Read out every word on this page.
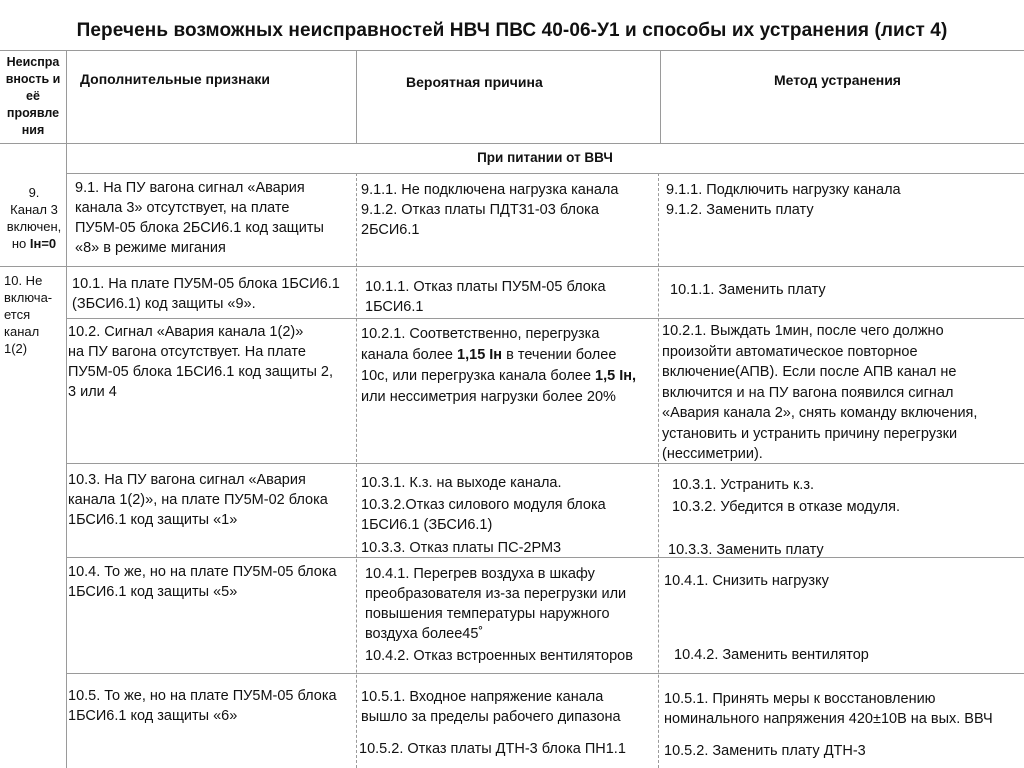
Перечень возможных неисправностей НВЧ ПВС 40-06-У1 и способы их устранения (лист 4)
Неиспра
вность и
её
проявле
ния
Дополнительные признаки	Вероятная причина	Метод устранения
При питании от ВВЧ
9.
Канал 3
включен,
но Iн=0
9.1. На ПУ вагона сигнал «Авария
канала 3» отсутствует, на плате
ПУ5М-05 блока 2БСИ6.1 код защиты
«8» в режиме мигания
9.1.1. Не подключена нагрузка канала
9.1.2. Отказ платы ПДТ31-03 блока
2БСИ6.1
9.1.1. Подключить нагрузку канала
9.1.2. Заменить плату
10. Не
включа-
ется
канал
1(2)
10.1. На плате ПУ5М-05 блока 1БСИ6.1
(ЗБСИ6.1) код защиты «9».
10.1.1. Отказ платы ПУ5М-05 блока
1БСИ6.1
10.1.1. Заменить плату
10.2. Сигнал «Авария канала 1(2)»
на ПУ вагона отсутствует. На плате
ПУ5М-05 блока 1БСИ6.1 код защиты 2,
3 или 4
10.2.1. Соответственно, перегрузка
канала более 1,15 Iн в течении более
10с, или перегрузка канала более 1,5 Iн,
или нессиметрия нагрузки более 20%
10.2.1. Выждать 1мин, после чего должно
произойти автоматическое повторное
включение(АПВ). Если после АПВ канал не
включится и на ПУ вагона появился сигнал
«Авария канала 2», снять команду включения,
установить и устранить причину перегрузки
(нессиметрии).
10.3. На ПУ вагона сигнал «Авария
канала 1(2)», на плате ПУ5М-02 блока
1БСИ6.1 код защиты «1»
10.3.1. К.з. на выходе канала.
10.3.2.Отказ силового модуля блока
1БСИ6.1 (ЗБСИ6.1)
10.3.3. Отказ платы ПС-2РМ3
10.3.1. Устранить к.з.
10.3.2. Убедится в отказе модуля.
10.3.3. Заменить плату
10.4. То же, но на плате ПУ5М-05 блока
1БСИ6.1 код защиты «5»
10.4.1. Перегрев воздуха в шкафу
преобразователя из-за перегрузки или
повышения температуры наружного
воздуха более45˚
10.4.2. Отказ встроенных вентиляторов
10.4.1. Снизить нагрузку
10.4.2. Заменить вентилятор
10.5. То же, но на плате ПУ5М-05 блока
1БСИ6.1 код защиты «6»
10.5.1. Входное напряжение канала
вышло за пределы рабочего дипазона
10.5.2. Отказ платы ДТН-3 блока ПН1.1
10.5.1. Принять меры к восстановлению
номинального напряжения 420±10В на вых. ВВЧ
10.5.2. Заменить плату ДТН-3
